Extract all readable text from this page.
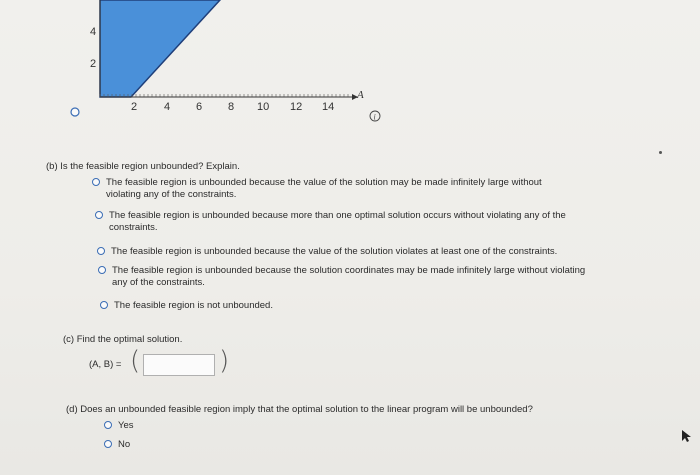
4
2
2 4 6 8 10 12 14
A
i
(b) Is the feasible region unbounded? Explain.
The feasible region is unbounded because the value of the solution may be made infinitely large without
violating any of the constraints.
The feasible region is unbounded because more than one optimal solution occurs without violating any of the
constraints.
The feasible region is unbounded because the value of the solution violates at least one of the constraints.
The feasible region is unbounded because the solution coordinates may be made infinitely large without violating
any of the constraints.
The feasible region is not unbounded.
(c) Find the optimal solution.
(A, B) = (	)
(d) Does an unbounded feasible region imply that the optimal solution to the linear program will be unbounded?
Yes
No
